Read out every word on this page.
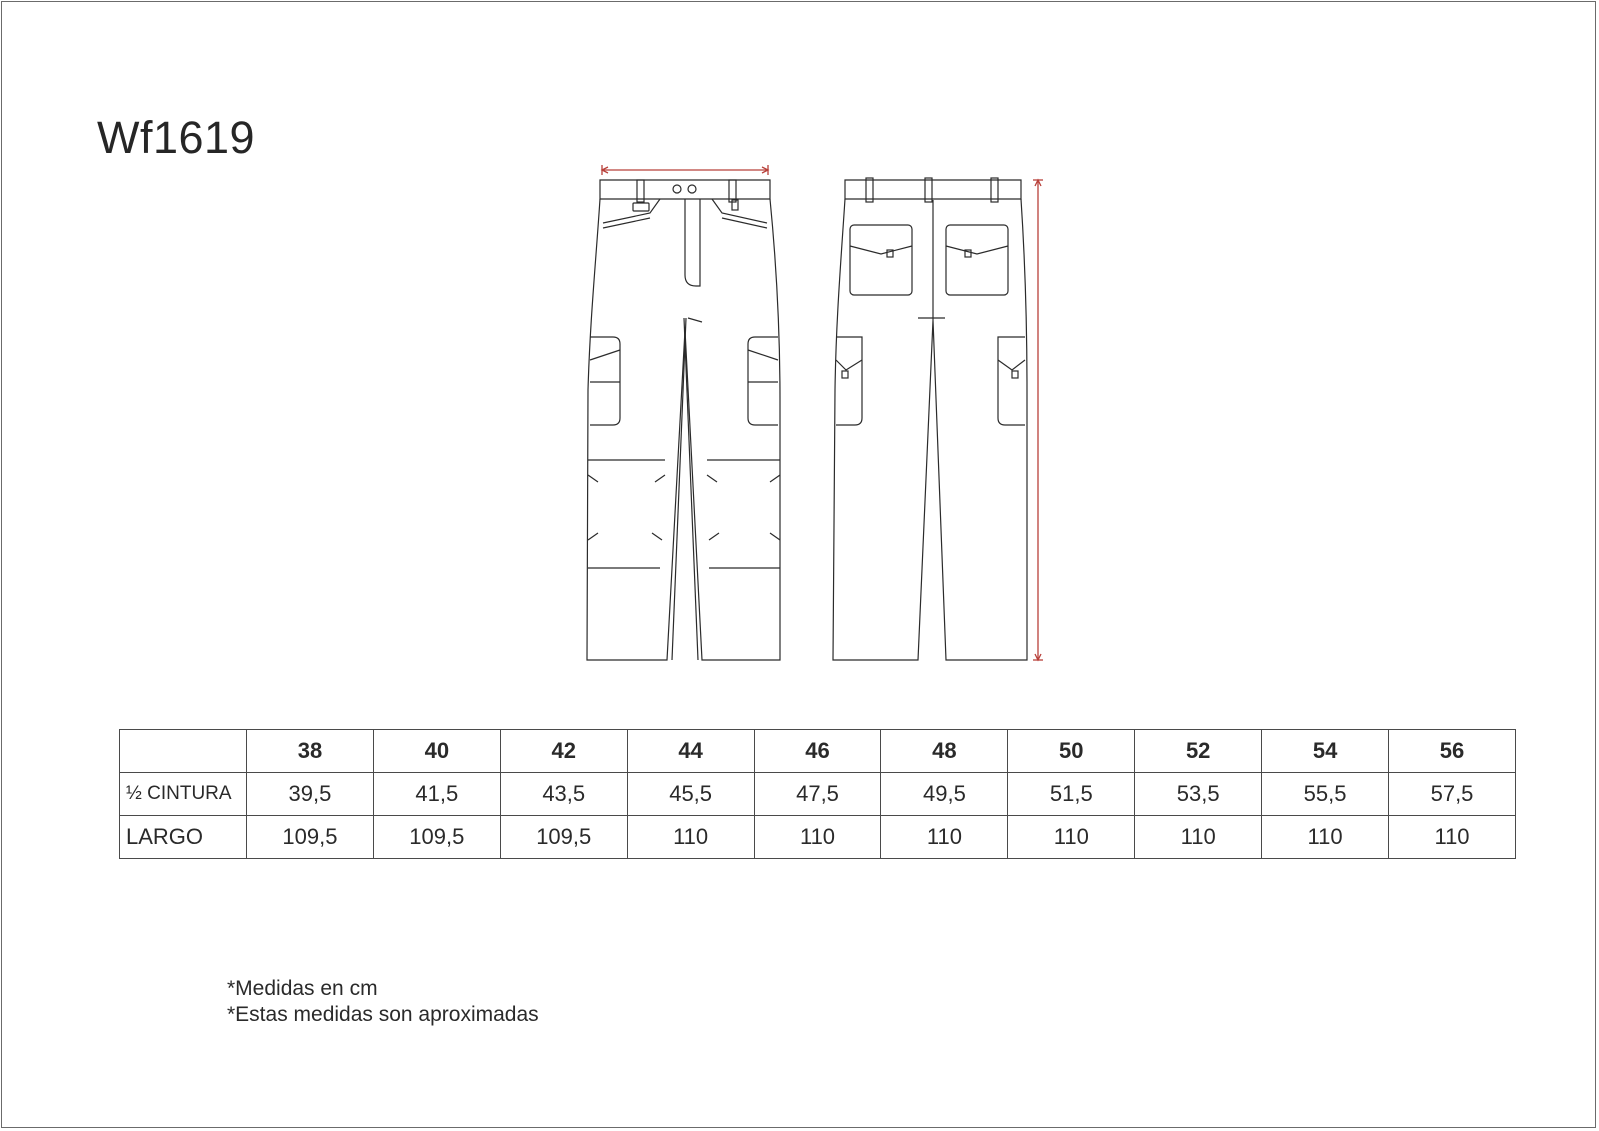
Wf1619
	38	40	42	44	46	48	50	52	54	56
½ CINTURA	39,5	41,5	43,5	45,5	47,5	49,5	51,5	53,5	55,5	57,5
LARGO	109,5	109,5	109,5	110	110	110	110	110	110	110
*Medidas en cm
*Estas medidas son aproximadas
